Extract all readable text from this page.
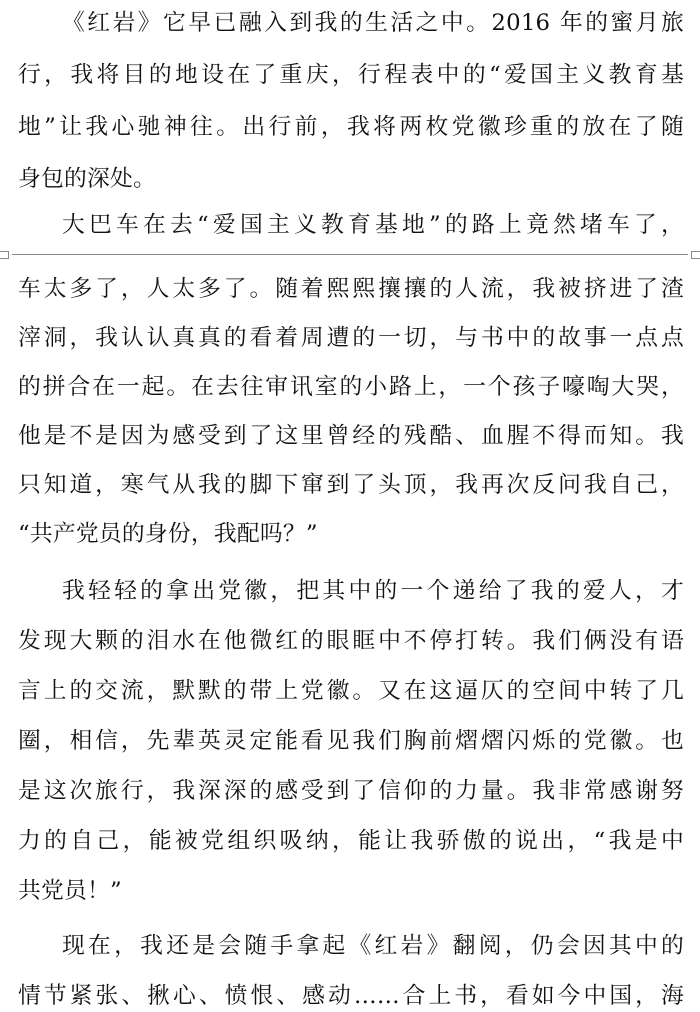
《红岩》它早已融入到我的生活之中。2016 年的蜜月旅
行，我将目的地设在了重庆，行程表中的“爱国主义教育基
地”让我心驰神往。出行前，我将两枚党徽珍重的放在了随
身包的深处。
大巴车在去“爱国主义教育基地”的路上竟然堵车了，
车太多了，人太多了。随着熙熙攘攘的人流，我被挤进了渣
滓洞，我认认真真的看着周遭的一切，与书中的故事一点点
的拼合在一起。在去往审讯室的小路上，一个孩子嚎啕大哭，
他是不是因为感受到了这里曾经的残酷、血腥不得而知。我
只知道，寒气从我的脚下窜到了头顶，我再次反问我自己，
“共产党员的身份，我配吗？”
我轻轻的拿出党徽，把其中的一个递给了我的爱人，才
发现大颗的泪水在他微红的眼眶中不停打转。我们俩没有语
言上的交流，默默的带上党徽。又在这逼仄的空间中转了几
圈，相信，先辈英灵定能看见我们胸前熠熠闪烁的党徽。也
是这次旅行，我深深的感受到了信仰的力量。我非常感谢努
力的自己，能被党组织吸纳，能让我骄傲的说出，“我是中
共党员！”
现在，我还是会随手拿起《红岩》翻阅，仍会因其中的
情节紧张、揪心、愤恨、感动……合上书，看如今中国，海
